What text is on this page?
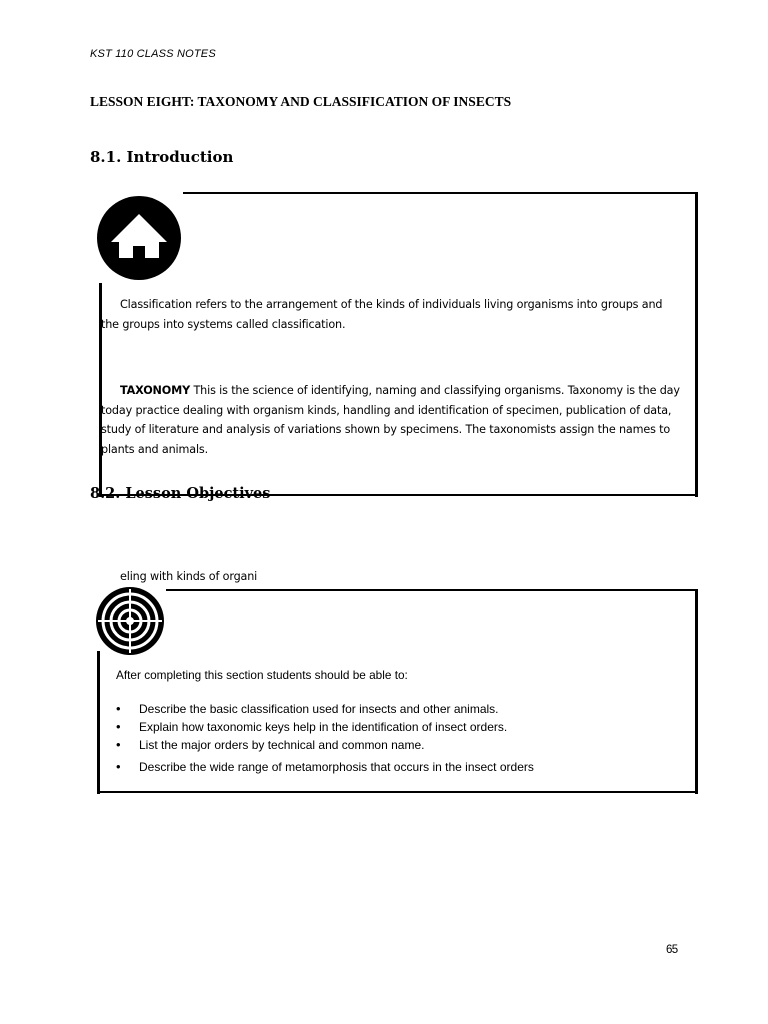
KST 110 CLASS NOTES
LESSON EIGHT: TAXONOMY AND CLASSIFICATION OF INSECTS
8.1. Introduction
Classification refers to the arrangement of the kinds of individuals living organisms into groups and
the groups into systems called classification.
TAXONOMY This is the science of identifying, naming and classifying organisms. Taxonomy is the day
today practice dealing with organism kinds, handling and identification of specimen, publication of data,
study of literature and analysis of variations shown by specimens. The taxonomists assign the names to
plants and animals.
8.2. Lesson Objectives
eling with kinds of organi
After completing this section students should be able to:
• Describe the basic classification used for insects and other animals.
• Explain how taxonomic keys help in the identification of insect orders.
• List the major orders by technical and common name.
• Describe the wide range of metamorphosis that occurs in the insect orders
65
